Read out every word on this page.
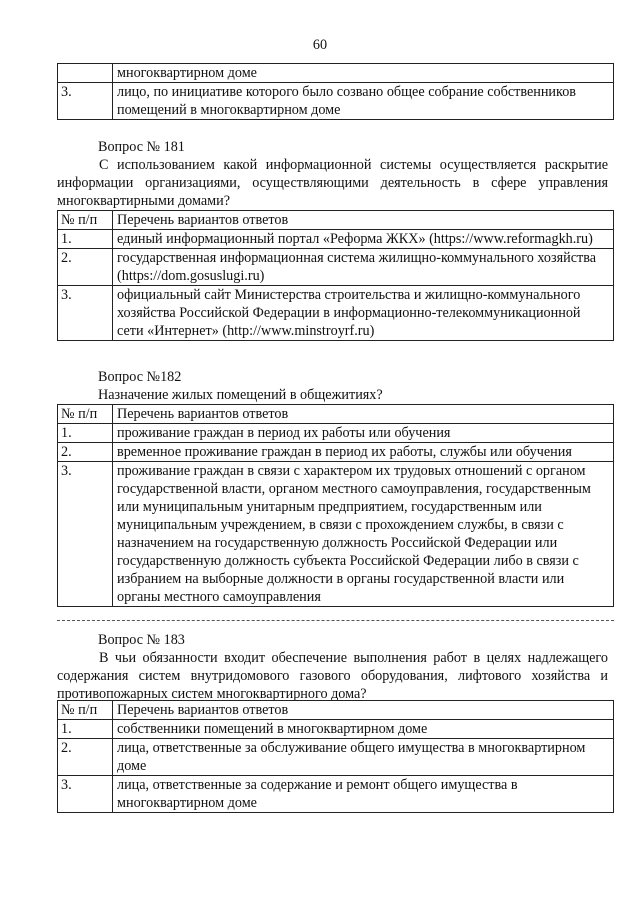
60
	многоквартирном доме
3.	лицо, по инициативе которого было созвано общее собрание собственников помещений в многоквартирном доме
Вопрос № 181
С использованием какой информационной системы осуществляется раскрытие информации организациями, осуществляющими деятельность в сфере управления многоквартирными домами?
№ п/п	Перечень вариантов ответов
1.	единый информационный портал «Реформа ЖКХ» (https://www.reformagkh.ru)
2.	государственная информационная система жилищно-коммунального хозяйства (https://dom.gosuslugi.ru)
3.	официальный сайт Министерства строительства и жилищно-коммунального хозяйства Российской Федерации в информационно-телекоммуникационной сети «Интернет» (http://www.minstroyrf.ru)
Вопрос №182
Назначение жилых помещений в общежитиях?
№ п/п	Перечень вариантов ответов
1.	проживание граждан в период их работы или обучения
2.	временное проживание граждан в период их работы, службы или обучения
3.	проживание граждан в связи с характером их трудовых отношений с органом государственной власти, органом местного самоуправления, государственным или муниципальным унитарным предприятием, государственным или муниципальным учреждением, в связи с прохождением службы, в связи с назначением на государственную должность Российской Федерации или государственную должность субъекта Российской Федерации либо в связи с избранием на выборные должности в органы государственной власти или органы местного самоуправления
Вопрос № 183
В чьи обязанности входит обеспечение выполнения работ в целях надлежащего содержания систем внутридомового газового оборудования, лифтового хозяйства и противопожарных систем многоквартирного дома?
№ п/п	Перечень вариантов ответов
1.	собственники помещений в многоквартирном доме
2.	лица, ответственные за обслуживание общего имущества в многоквартирном доме
3.	лица, ответственные за содержание и ремонт общего имущества в многоквартирном доме
